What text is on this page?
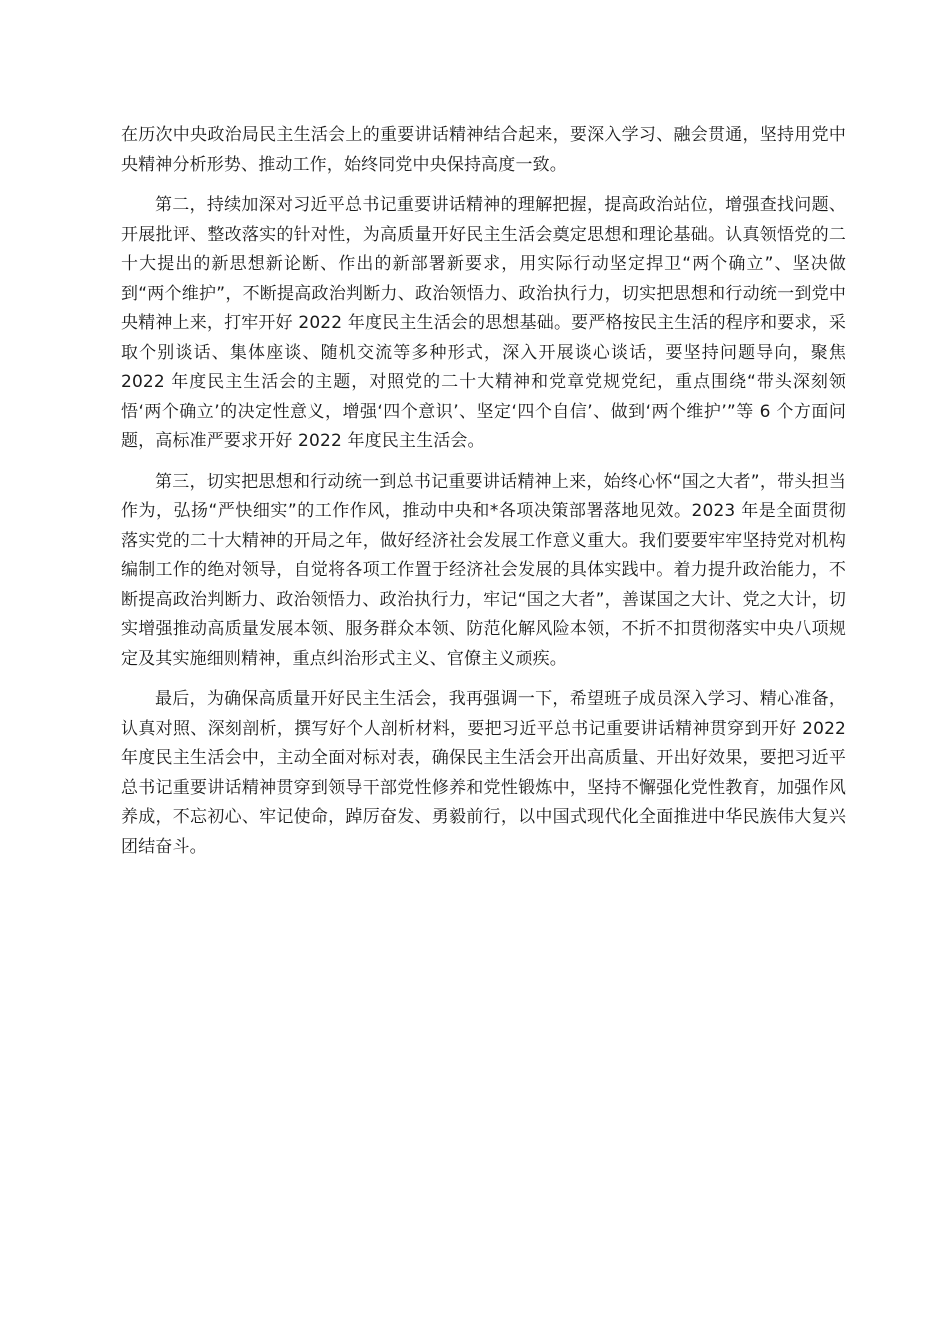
在历次中央政治局民主生活会上的重要讲话精神结合起来，要深入学习、融会贯通，坚持用党中央精神分析形势、推动工作，始终同党中央保持高度一致。

第二，持续加深对习近平总书记重要讲话精神的理解把握，提高政治站位，增强查找问题、开展批评、整改落实的针对性，为高质量开好民主生活会奠定思想和理论基础。认真领悟党的二十大提出的新思想新论断、作出的新部署新要求，用实际行动坚定捍卫“两个确立”、坚决做到“两个维护”，不断提高政治判断力、政治领悟力、政治执行力，切实把思想和行动统一到党中央精神上来，打牢开好 2022 年度民主生活会的思想基础。要严格按民主生活的程序和要求，采取个别谈话、集体座谈、随机交流等多种形式，深入开展谈心谈话，要坚持问题导向，聚焦 2022 年度民主生活会的主题，对照党的二十大精神和党章党规党纪，重点围绕“带头深刻领悟‘两个确立’的决定性意义，增强‘四个意识’、坚定‘四个自信’、做到‘两个维护’”等 6 个方面问题，高标准严要求开好 2022 年度民主生活会。

第三，切实把思想和行动统一到总书记重要讲话精神上来，始终心怀“国之大者”，带头担当作为，弘扬“严快细实”的工作作风，推动中央和*各项决策部署落地见效。2023 年是全面贯彻落实党的二十大精神的开局之年，做好经济社会发展工作意义重大。我们要要牢牢坚持党对机构编制工作的绝对领导，自觉将各项工作置于经济社会发展的具体实践中。着力提升政治能力，不断提高政治判断力、政治领悟力、政治执行力，牢记“国之大者”，善谋国之大计、党之大计，切实增强推动高质量发展本领、服务群众本领、防范化解风险本领，不折不扣贯彻落实中央八项规定及其实施细则精神，重点纠治形式主义、官僚主义顽疾。

最后，为确保高质量开好民主生活会，我再强调一下，希望班子成员深入学习、精心准备，认真对照、深刻剖析，撰写好个人剖析材料，要把习近平总书记重要讲话精神贯穿到开好 2022 年度民主生活会中，主动全面对标对表，确保民主生活会开出高质量、开出好效果，要把习近平总书记重要讲话精神贯穿到领导干部党性修养和党性锻炼中，坚持不懈强化党性教育，加强作风养成，不忘初心、牢记使命，踔厉奋发、勇毅前行，以中国式现代化全面推进中华民族伟大复兴团结奋斗。
